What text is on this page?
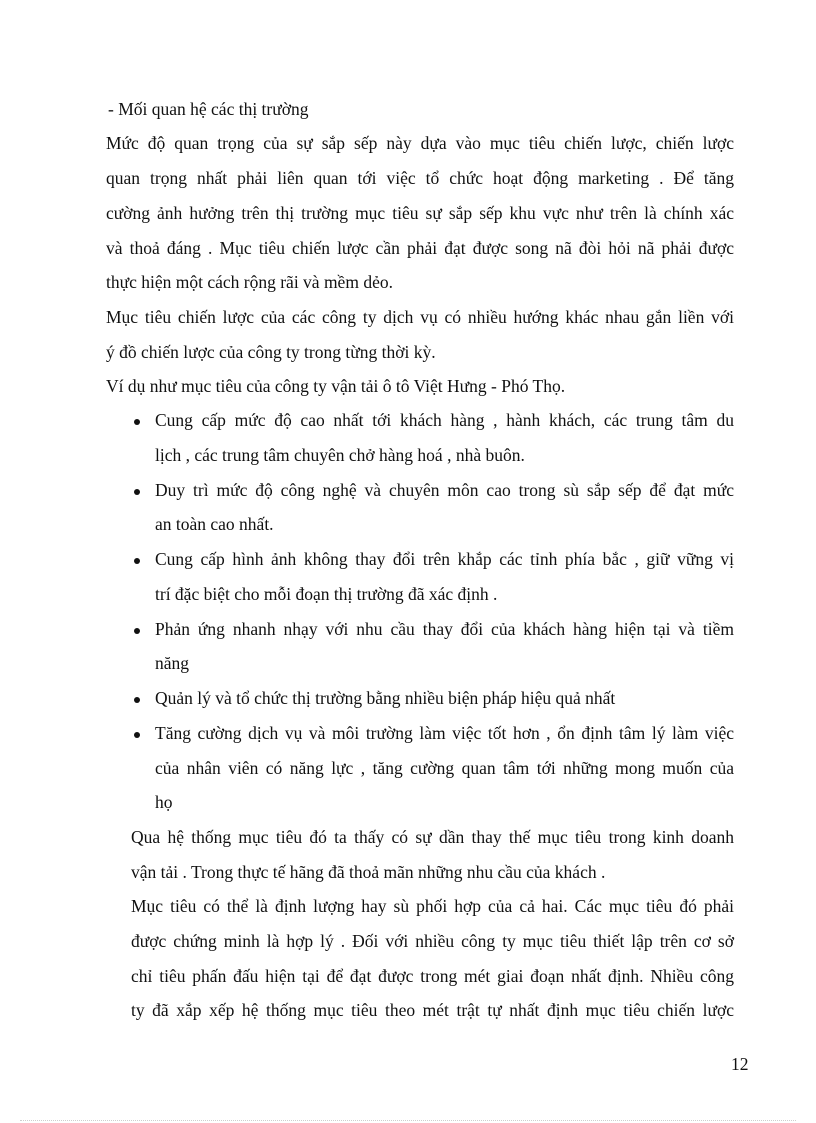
- Mối quan hệ các thị trường
Mức độ quan trọng của sự sắp sếp này dựa vào mục tiêu chiến lược, chiến lược
quan trọng nhất phải liên quan tới việc tổ chức hoạt động marketing . Để tăng
cường ảnh hưởng trên thị trường mục tiêu sự sắp sếp khu vực như trên là chính xác
và thoả đáng . Mục tiêu chiến lược cần phải đạt được song nã đòi hỏi nã phải được
thực hiện một cách rộng rãi và mềm dẻo.
Mục tiêu chiến lược của các công ty dịch vụ có nhiều hướng khác nhau gắn liền với
ý đồ chiến lược của công ty trong từng thời kỳ.
Ví dụ như mục tiêu của công ty vận tải ô tô Việt Hưng - Phó Thọ.
Cung cấp mức độ cao nhất tới khách hàng , hành khách, các trung tâm du
lịch , các trung tâm chuyên chở hàng hoá , nhà buôn.
Duy trì mức độ công nghệ và chuyên môn cao trong sù sắp sếp để đạt mức
an toàn cao nhất.
Cung cấp hình ảnh không thay đổi trên khắp các tỉnh phía bắc , giữ vững vị
trí đặc biệt cho mỗi đoạn thị trường đã xác định .
Phản ứng nhanh nhạy với nhu cầu thay đổi của khách hàng hiện tại và tiềm
năng
Quản lý và tổ chức thị trường bằng nhiều biện pháp hiệu quả nhất
Tăng cường dịch vụ và môi trường làm việc tốt hơn , ổn định tâm lý làm việc
của nhân viên có năng lực , tăng cường quan tâm tới những mong muốn của
họ
Qua hệ thống mục tiêu đó ta thấy có sự dần thay thế mục tiêu trong kinh doanh
vận tải . Trong thực tế hãng đã thoả mãn những nhu cầu của khách .
Mục tiêu có thể là định lượng hay sù phối hợp của cả hai. Các mục tiêu đó phải
được chứng minh là hợp lý . Đối với nhiều công ty mục tiêu thiết lập trên cơ sở
chỉ tiêu phấn đấu hiện tại để đạt được trong mét giai đoạn nhất định. Nhiều công
ty đã xắp xếp hệ thống mục tiêu theo mét trật tự nhất định mục tiêu chiến lược
12
